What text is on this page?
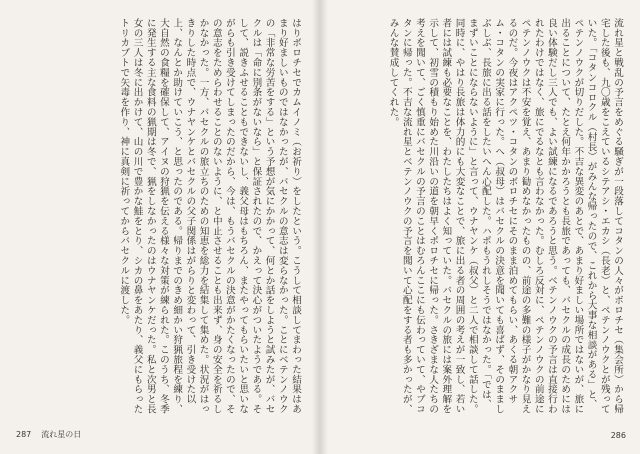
はりボロチセでカムイノミ（お祈り）をしたという。こうして相談してまわった結果はあまり好ましいものではなかったが、バセクルの意志は変らなかった。ことにベテンノウクの「非常な労苦をする」という予想が気にかかって、何とか話をしようと試みたが、バセクルは「命に別条がないなら」と保証されたので、かえって決心がついたようである。そして、説きふせることもできないし、義父母はもちろん、またやってもらいたいと思いながらも引き受けてしまったのだから、今は、もうバセクルの決意がかたくなったので、その意志をためらわせることのないように、と中止させることも出来ず、身の安全を祈るしかなかった。一方、バセクルの旅立ちのための知恵を総力を結集して集めた。状況がはっきりした時点で、ウナヤンケとバセクルの父子関係はがらりと変わって、引き受けた以上、なんとか助けていこう、と思ったのである。帰りまでのきめ細かい狩猟旅程を練り、大自然の食糧を確保して、アイヌの狩猟を伝える様々な対策が練られた。このうち、冬季に発生する主な食料の猟期は冬で、猟をしなかったのはウナヤンケだった。私と次男と長女の三人は冬に出かけて、山の川で豊かな鮭をとり、シカの鼻をあたり、義父にもらったトリカブトで矢毒を作り、神に真剣に祈ってからバセクルに渡した。

287 流れ星の日

流れ星と戦乱の予言をめぐる騒ぎが一段落してコタンの人々がボロチセ（集会所）から帰宅した後も、九〇歳をこえているシテアシ・エカシ（長老）と、ペテンノウクとが残っていた。「コタンコロクル（村長）がみんな帰ったので、これから大事な相談がある」と、ペテンノウクが切りだした。不吉な異変のあとで、あまり好ましい場所ではないが、旅に出ることについて、たとえ何年かかろうとも長旅であっても、バセクルの成長のためには良い体験だし三人でも、よい試練になるであろうと思う。ベテンノウクの予言は直接行われたわけではなく、旅にでるなとも言わなかった。むしろ反対に、ペテンノウクの前途にペテンノウクは不安を覚え、あまり勧めなかったものの、前途の多難の様子がかなり見えるのだ。今夜はアクペツ・コタンのボロチセにそのまま泊めてもらい、あくる朝アクサム・コタンの実家に行った。へ（叔母）はバセクルの決意を聞いても喜ばず、そのまましぶしぶ、長旅に出る話をしたいへん心配した。ハポもうれしそうではなかった。「では、まずいことにならないように」と言って、ウナヤンケ（叔父）と二人で相談して話した。同時に、やはり長旅は体力的にも大変なことで、旅に出る者の周囲の考えが一致し、若い者には試練も必要なことを、わたしたちはよく知っていた。バセクルの旅には案外理解を示して、初雪の積もり始めた川沿いの道を朝早くポロチセに帰った。さきざまな人たちの考えを聞いて、ごく慎重にバセクルの予言のことはむろんここにも伝わっていて、やブコタンに帰った。不吉な流れ星とベテンノウクの予言を聞いて心配をする者も多かったが、みんな賛成してくれた。

286
